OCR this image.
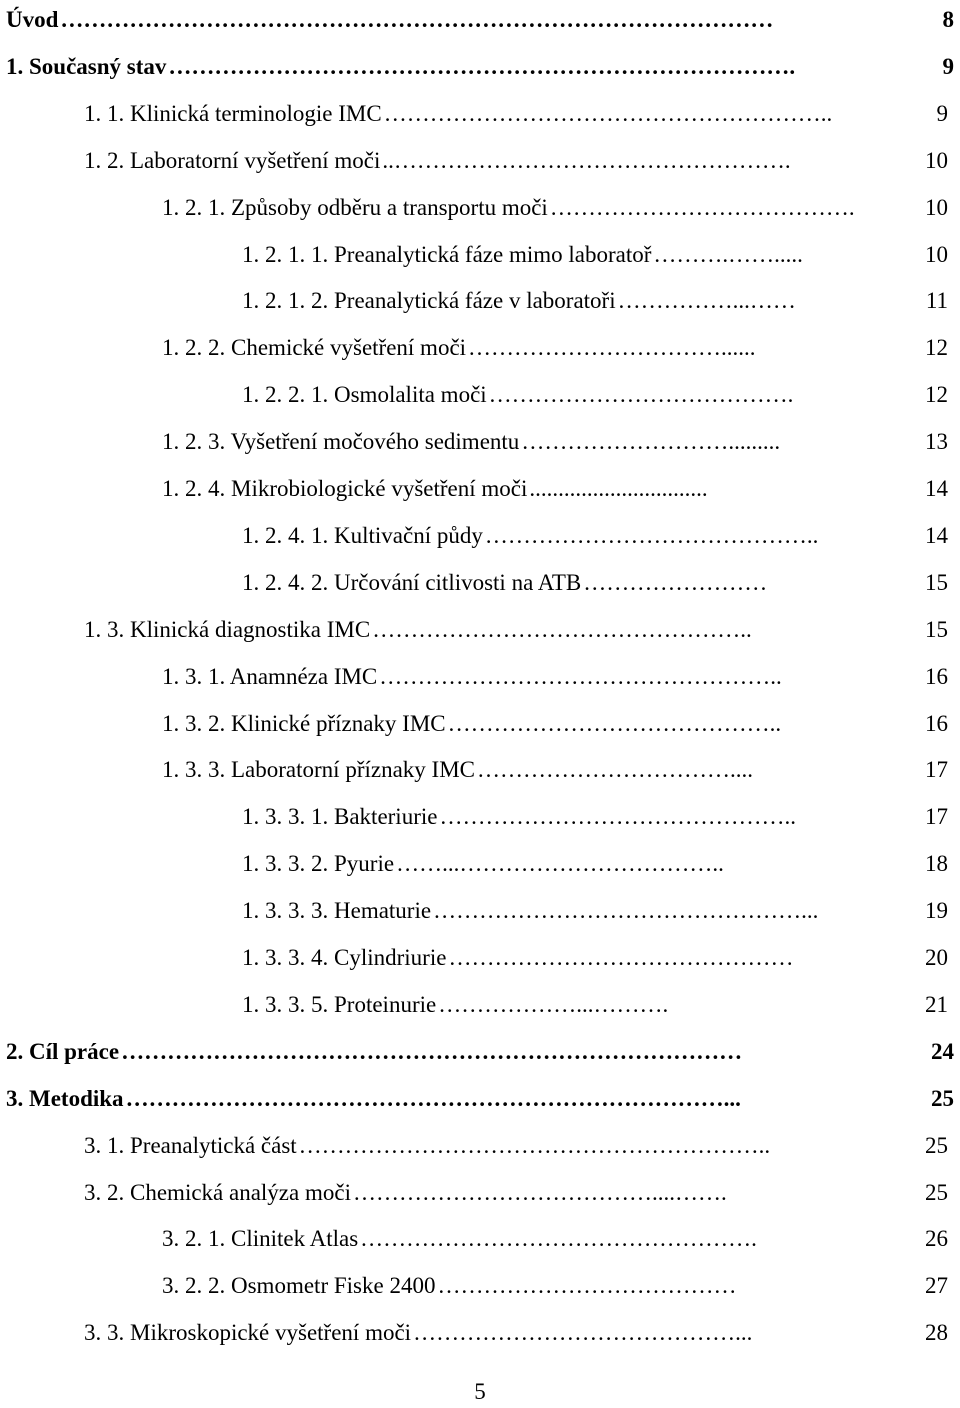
Úvod …………………………………………………………………………………	8
1. Současný stav ……………………………………………………………………….	9
1. 1. Klinická terminologie IMC …………………………………………………..	9
1. 2. Laboratorní vyšetření moči ..…………………………………………….	10
1. 2. 1. Způsoby odběru a transportu moči ………………………………….	10
1. 2. 1. 1. Preanalytická fáze mimo laboratoř ……….…….....	10
1. 2. 1. 2. Preanalytická fáze v laboratoři ……………...……	11
1. 2. 2. Chemické vyšetření moči ……………………………......	12
1. 2. 2. 1. Osmolalita moči ………………………………….	12
1. 2. 3. Vyšetření močového sedimentu ……………………….........	13
1. 2. 4. Mikrobiologické vyšetření moči ...............................	14
1. 2. 4. 1. Kultivační půdy ……………………………………..	14
1. 2. 4. 2. Určování citlivosti na ATB ……………………	15
1. 3. Klinická diagnostika IMC …………………………………………..	15
1. 3. 1. Anamnéza IMC ……………………………………………..	16
1. 3. 2. Klinické příznaky IMC ……………………………………..	16
1. 3. 3. Laboratorní příznaky IMC ……………………………....	17
1. 3. 3. 1. Bakteriurie ………………………………………..	17
1. 3. 3. 2. Pyurie ……...……………………………..	18
1. 3. 3. 3. Hematurie …………………………………………...	19
1. 3. 3. 4. Cylindriurie ………………………………………	20
1. 3. 3. 5. Proteinurie ………………...……….	21
2. Cíl práce ………………………………………………………………………	24
3. Metodika ……………………………………………………………………...	25
3. 1. Preanalytická část ……………………………………………………..	25
3. 2. Chemická analýza moči …………………………………....…….	25
3. 2. 1. Clinitek Atlas …………………………………………….	26
3. 2. 2. Osmometr Fiske 2400 …………………………………	27
3. 3. Mikroskopické vyšetření moči ……………………………………...	28
5
